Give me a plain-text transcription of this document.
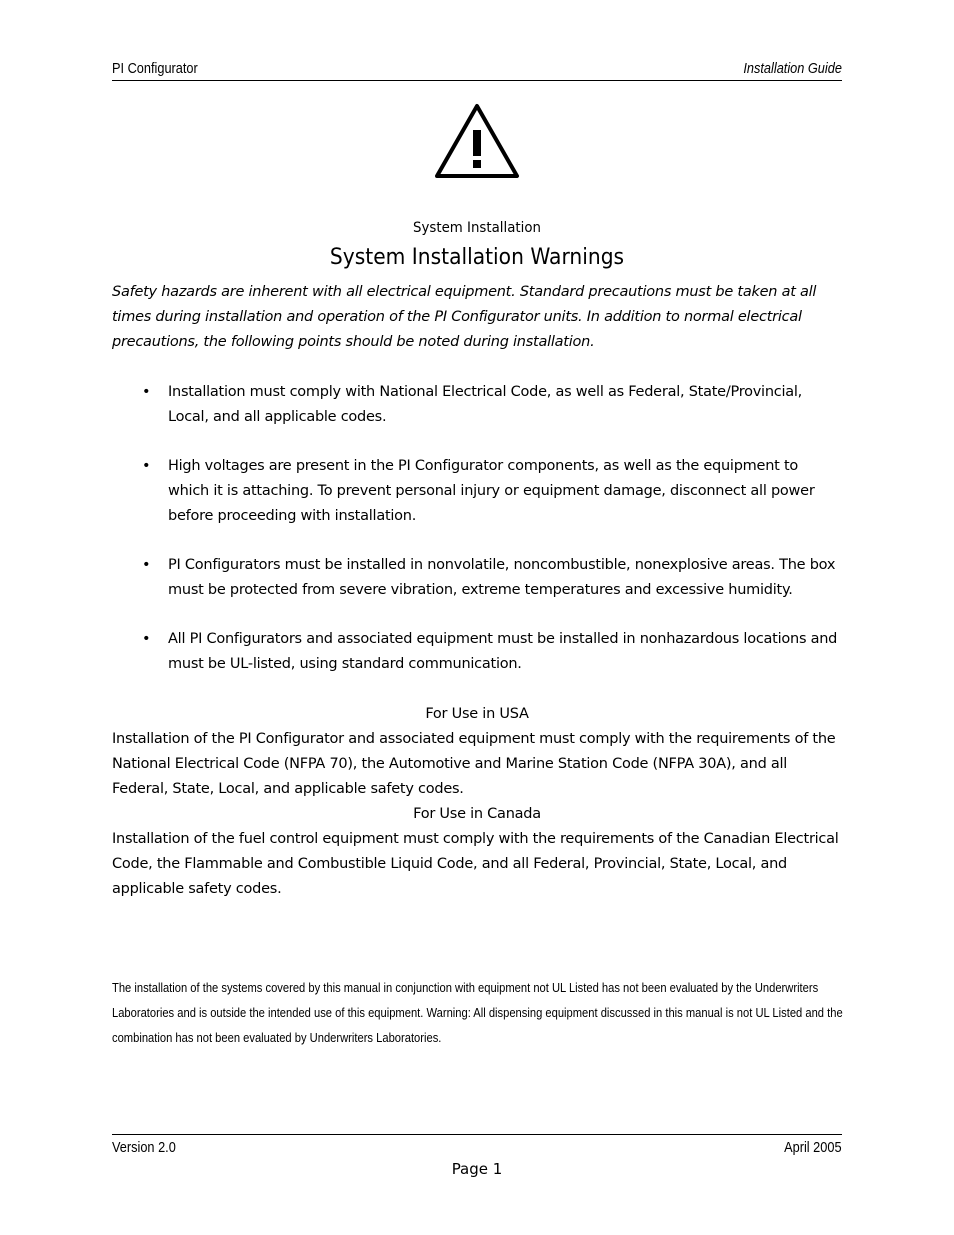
PI Configurator	Installation Guide
System Installation
System Installation Warnings

Safety hazards are inherent with all electrical equipment. Standard precautions must be taken at all times during installation and operation of the PI Configurator units. In addition to normal electrical precautions, the following points should be noted during installation.

• Installation must comply with National Electrical Code, as well as Federal, State/Provincial, Local, and all applicable codes.
• High voltages are present in the PI Configurator components, as well as the equipment to which it is attaching. To prevent personal injury or equipment damage, disconnect all power before proceeding with installation.
• PI Configurators must be installed in nonvolatile, noncombustible, nonexplosive areas. The box must be protected from severe vibration, extreme temperatures and excessive humidity.
• All PI Configurators and associated equipment must be installed in nonhazardous locations and must be UL-listed, using standard communication.
For Use in USA

Installation of the PI Configurator and associated equipment must comply with the requirements of the National Electrical Code (NFPA 70), the Automotive and Marine Station Code (NFPA 30A), and all Federal, State, Local, and applicable safety codes.

For Use in Canada

Installation of the fuel control equipment must comply with the requirements of the Canadian Electrical Code, the Flammable and Combustible Liquid Code, and all Federal, Provincial, State, Local, and applicable safety codes.

The installation of the systems covered by this manual in conjunction with equipment not UL Listed has not been evaluated by the Underwriters Laboratories and is outside the intended use of this equipment. Warning: All dispensing equipment discussed in this manual is not UL Listed and the combination has not been evaluated by Underwriters Laboratories.

Version 2.0	April 2005
Page 1
